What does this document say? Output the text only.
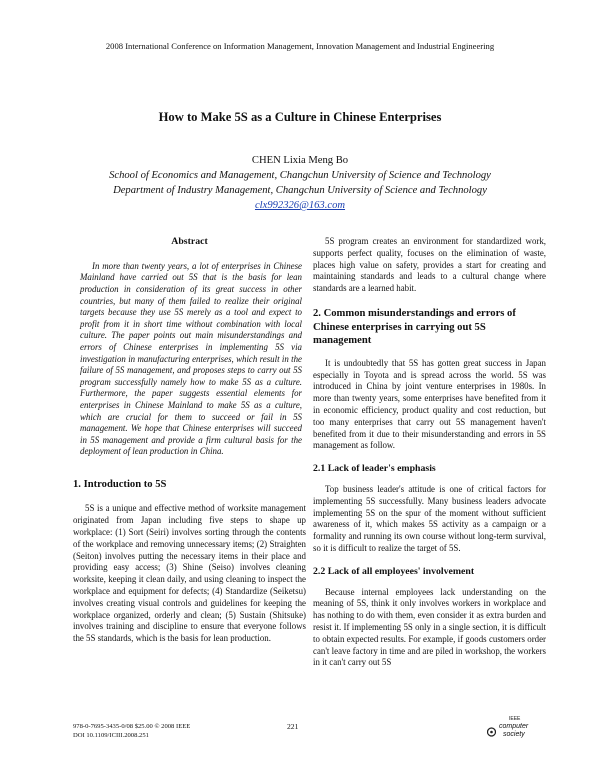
2008 International Conference on Information Management, Innovation Management and Industrial Engineering
How to Make 5S as a Culture in Chinese Enterprises
CHEN Lixia Meng Bo
School of Economics and Management, Changchun University of Science and Technology
Department of Industry Management, Changchun University of Science and Technology
clx992326@163.com

Abstract

In more than twenty years, a lot of enterprises in Chinese Mainland have carried out 5S that is the basis for lean production in consideration of its great success in other countries, but many of them failed to realize their original targets because they use 5S merely as a tool and expect to profit from it in short time without combination with local culture. The paper points out main misunderstandings and errors of Chinese enterprises in implementing 5S via investigation in manufacturing enterprises, which result in the failure of 5S management, and proposes steps to carry out 5S program successfully namely how to make 5S as a culture. Furthermore, the paper suggests essential elements for enterprises in Chinese Mainland to make 5S as a culture, which are crucial for them to succeed or fail in 5S management. We hope that Chinese enterprises will succeed in 5S management and provide a firm cultural basis for the deployment of lean production in China.

1. Introduction to 5S

5S is a unique and effective method of worksite management originated from Japan including five steps to shape up workplace: (1) Sort (Seiri) involves sorting through the contents of the workplace and removing unnecessary items; (2) Straighten (Seiton) involves putting the necessary items in their place and providing easy access; (3) Shine (Seiso) involves cleaning worksite, keeping it clean daily, and using cleaning to inspect the workplace and equipment for defects; (4) Standardize (Seiketsu) involves creating visual controls and guidelines for keeping the workplace organized, orderly and clean; (5) Sustain (Shitsuke) involves training and discipline to ensure that everyone follows the 5S standards, which is the basis for lean production.

5S program creates an environment for standardized work, supports perfect quality, focuses on the elimination of waste, places high value on safety, provides a start for creating and maintaining standards and leads to a cultural change where standards are a learned habit.

2. Common misunderstandings and errors of Chinese enterprises in carrying out 5S management

It is undoubtedly that 5S has gotten great success in Japan especially in Toyota and is spread across the world. 5S was introduced in China by joint venture enterprises in 1980s. In more than twenty years, some enterprises have benefited from it in economic efficiency, product quality and cost reduction, but too many enterprises that carry out 5S management haven't benefited from it due to their misunderstanding and errors in 5S management as follow.

2.1 Lack of leader's emphasis

Top business leader's attitude is one of critical factors for implementing 5S successfully. Many business leaders advocate implementing 5S on the spur of the moment without sufficient awareness of it, which makes 5S activity as a campaign or a formality and running its own course without long-term survival, so it is difficult to realize the target of 5S.

2.2 Lack of all employees' involvement

Because internal employees lack understanding on the meaning of 5S, think it only involves workers in workplace and has nothing to do with them, even consider it as extra burden and resist it. If implementing 5S only in a single section, it is difficult to obtain expected results. For example, if goods customers order can't leave factory in time and are piled in workshop, the workers in it can't carry out 5S

978-0-7695-3435-0/08 $25.00 © 2008 IEEE
DOI 10.1109/ICIII.2008.251
221
IEEE
computer
society
